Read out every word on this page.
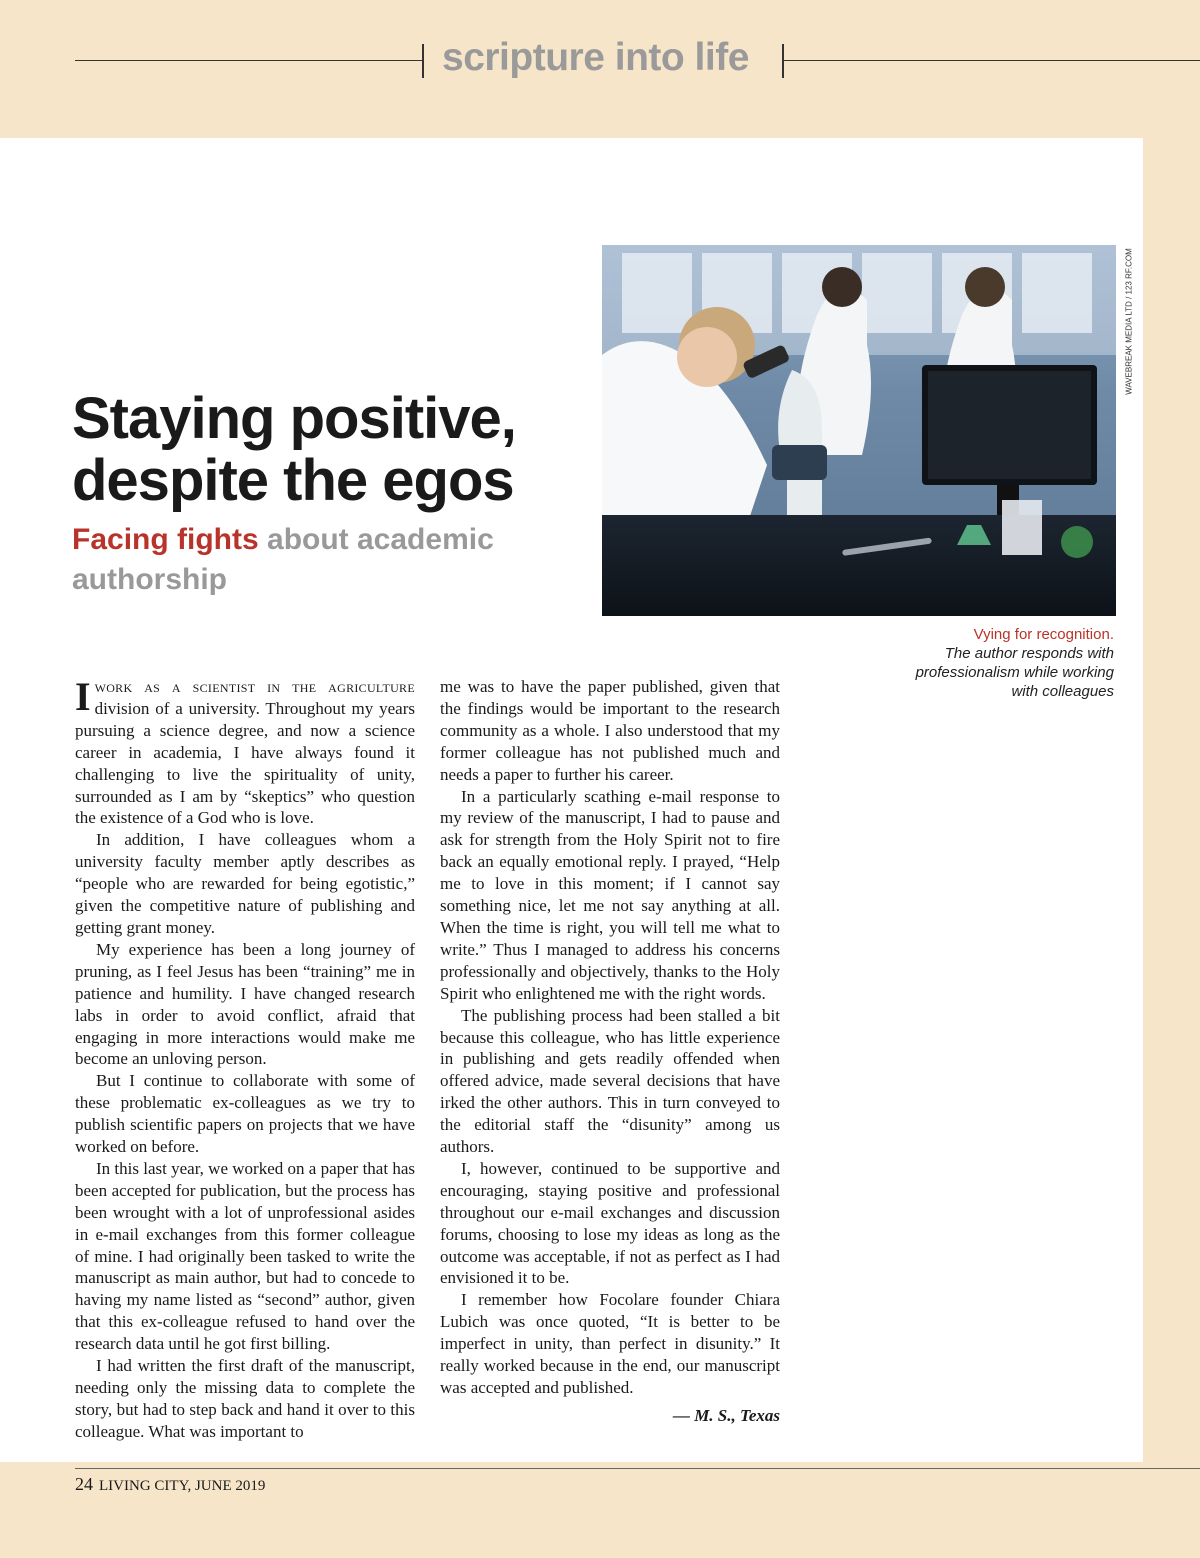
scripture into life
Staying positive, despite the egos

Facing fights about academic authorship

WAVEBREAK MEDIA LTD / 123 RF.COM
Vying for recognition.
The author responds with professionalism while working with colleagues

Iwork as a scientist in the agriculture division of a university. Throughout my years pursuing a science degree, and now a science career in academia, I have always found it challenging to live the spirituality of unity, surrounded as I am by “skeptics” who question the existence of a God who is love.

In addition, I have colleagues whom a university faculty member aptly describes as “people who are rewarded for being egotistic,” given the competitive nature of publishing and getting grant money.

My experience has been a long journey of pruning, as I feel Jesus has been “training” me in patience and humility. I have changed research labs in order to avoid conflict, afraid that engaging in more interactions would make me become an unloving person.

But I continue to collaborate with some of these problematic ex-colleagues as we try to publish scientific papers on projects that we have worked on before.

In this last year, we worked on a paper that has been accepted for publication, but the process has been wrought with a lot of unprofessional asides in e-mail exchanges from this former colleague of mine. I had originally been tasked to write the manuscript as main author, but had to concede to having my name listed as “second” author, given that this ex-colleague refused to hand over the research data until he got first billing.

I had written the first draft of the manuscript, needing only the missing data to complete the story, but had to step back and hand it over to this colleague. What was important to

me was to have the paper published, given that the findings would be important to the research community as a whole. I also understood that my former colleague has not published much and needs a paper to further his career.

In a particularly scathing e-mail response to my review of the manuscript, I had to pause and ask for strength from the Holy Spirit not to fire back an equally emotional reply. I prayed, “Help me to love in this moment; if I cannot say something nice, let me not say anything at all. When the time is right, you will tell me what to write.” Thus I managed to address his concerns professionally and objectively, thanks to the Holy Spirit who enlightened me with the right words.

The publishing process had been stalled a bit because this colleague, who has little experience in publishing and gets readily offended when offered advice, made several decisions that have irked the other authors. This in turn conveyed to the editorial staff the “disunity” among us authors.

I, however, continued to be supportive and encouraging, staying positive and professional throughout our e-mail exchanges and discussion forums, choosing to lose my ideas as long as the outcome was acceptable, if not as perfect as I had envisioned it to be.

I remember how Focolare founder Chiara Lubich was once quoted, “It is better to be imperfect in unity, than perfect in disunity.” It really worked because in the end, our manuscript was accepted and published.

— M. S., Texas
24 LIVING CITY, JUNE 2019
